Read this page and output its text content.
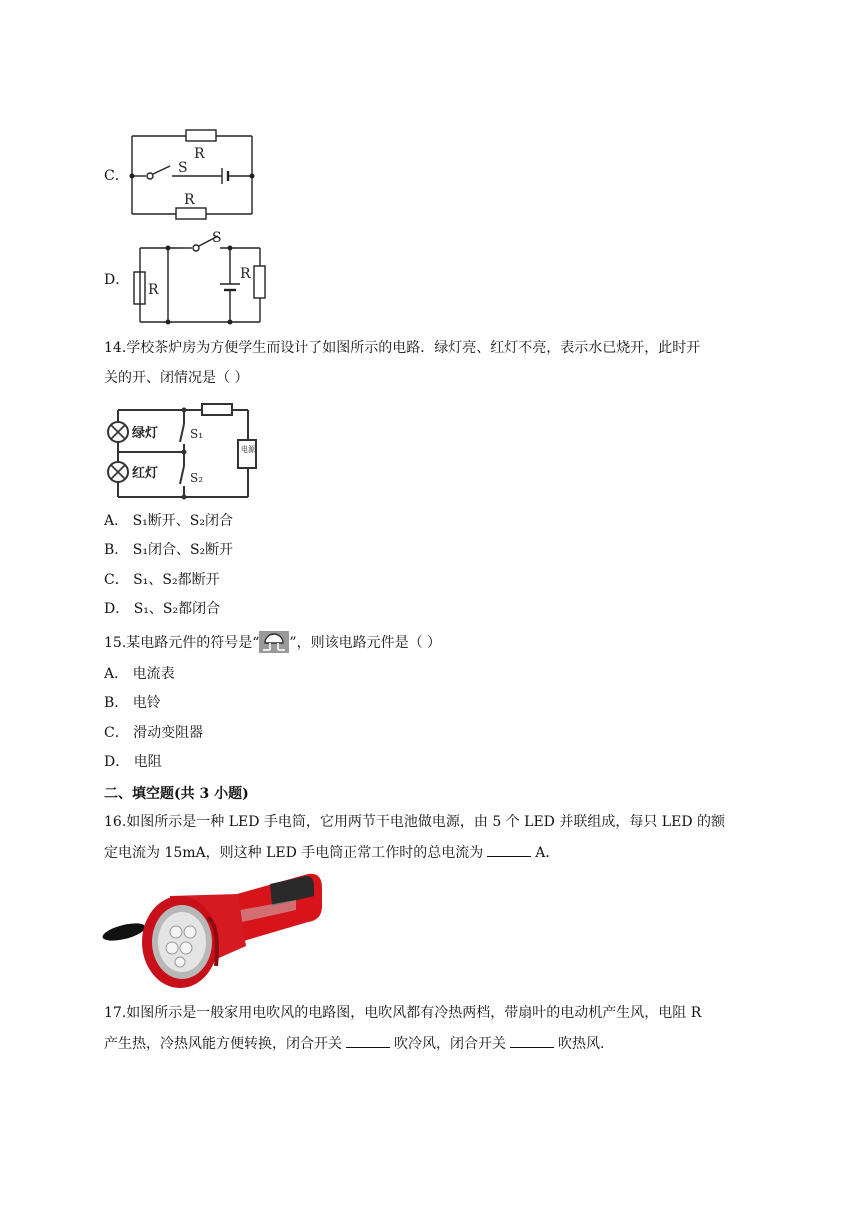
C．	S
R
R
D．
S
R
R
14.学校茶炉房为方便学生而设计了如图所示的电路．绿灯亮、红灯不亮，表示水已烧开，此时开
关的开、闭情况是（ ）
绿灯
红灯
S₁
S₂
电源
A． S₁断开、S₂闭合
B． S₁闭合、S₂断开
C． S₁、S₂都断开
D． S₁、S₂都闭合
15.某电路元件的符号是“ ”，则该电路元件是（ ）
A． 电流表
B． 电铃
C． 滑动变阻器
D． 电阻
二、填空题(共 3 小题)
16.如图所示是一种 LED 手电筒，它用两节干电池做电源，由 5 个 LED 并联组成，每只 LED 的额
定电流为 15mA，则这种 LED 手电筒正常工作时的总电流为	A．
17.如图所示是一般家用电吹风的电路图，电吹风都有冷热两档，带扇叶的电动机产生风，电阻 R
产生热，冷热风能方便转换，闭合开关	吹冷风，闭合开关	吹热风.
